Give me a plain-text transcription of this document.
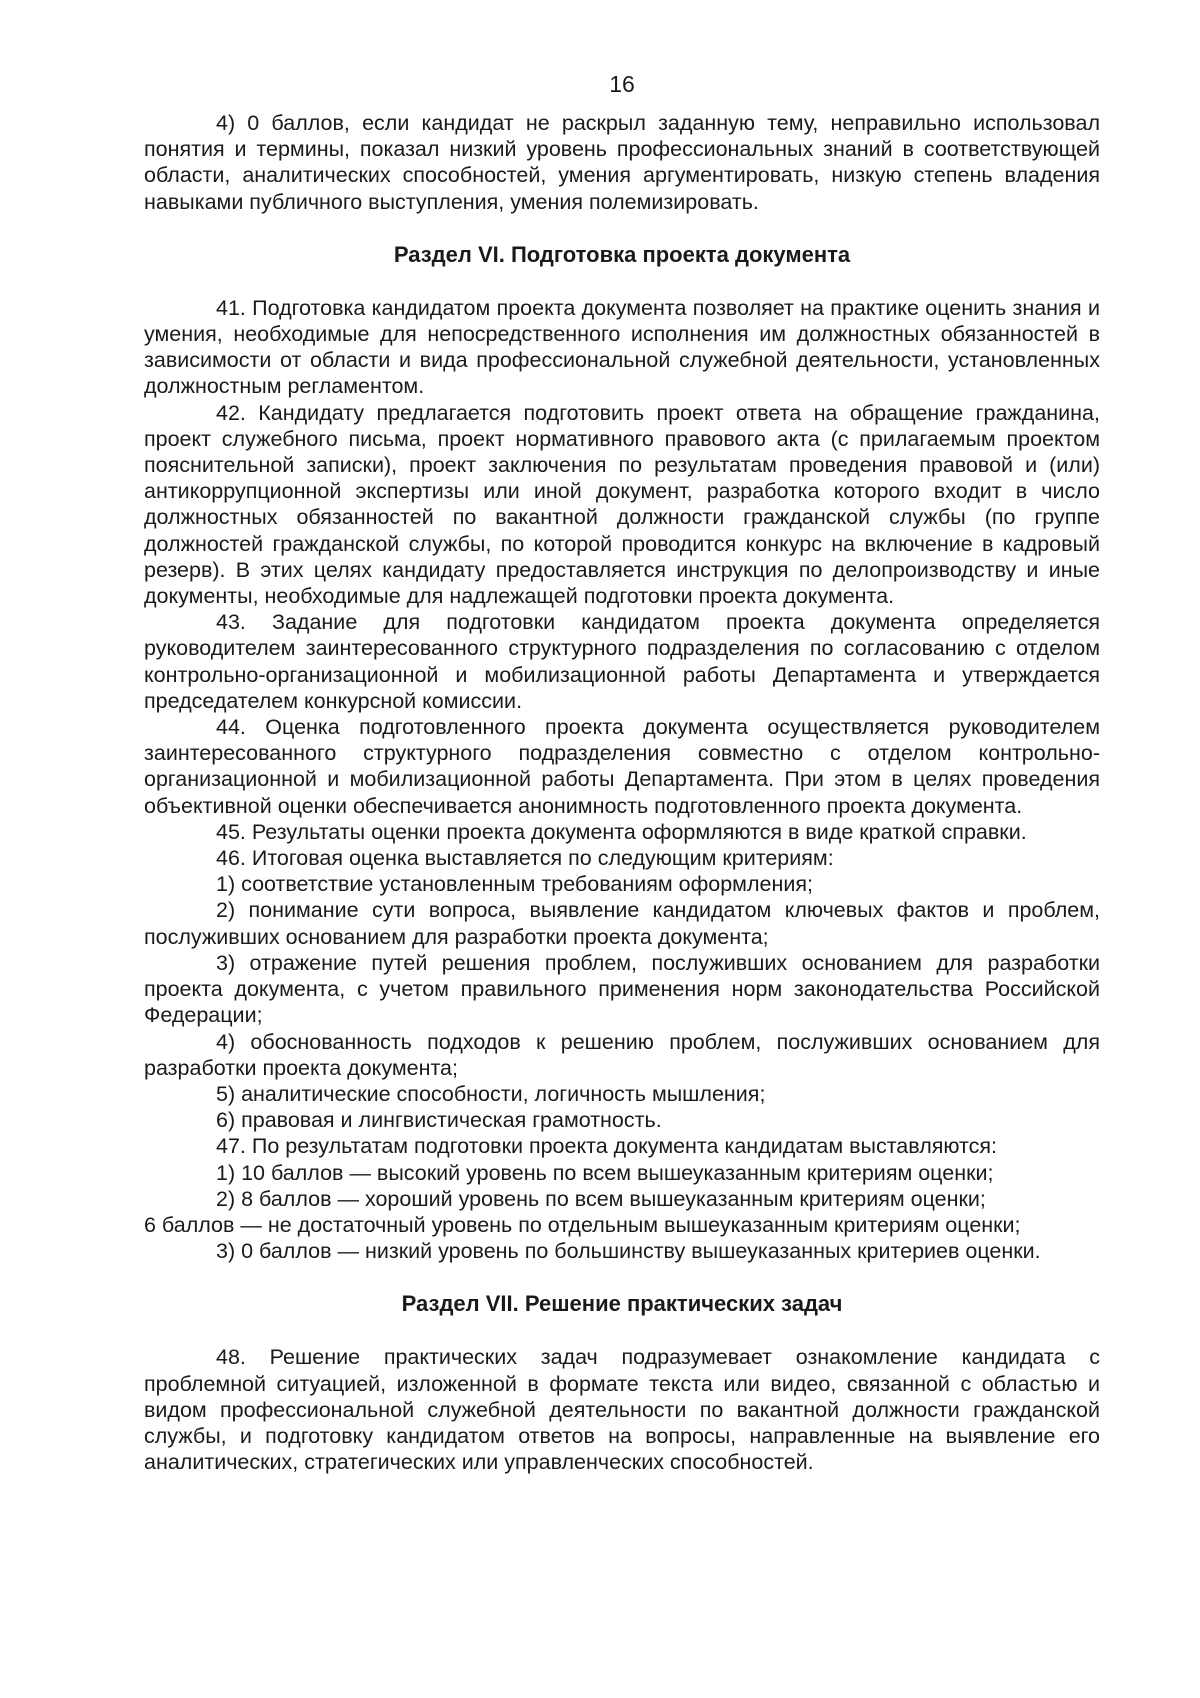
16

4) 0 баллов, если кандидат не раскрыл заданную тему, неправильно использовал понятия и термины, показал низкий уровень профессиональных знаний в соответствующей области, аналитических способностей, умения аргументировать, низкую степень владения навыками публичного выступления, умения полемизировать.

Раздел VI. Подготовка проекта документа

41. Подготовка кандидатом проекта документа позволяет на практике оценить знания и умения, необходимые для непосредственного исполнения им должностных обязанностей в зависимости от области и вида профессиональной служебной деятельности, установленных должностным регламентом.

42. Кандидату предлагается подготовить проект ответа на обращение гражданина, проект служебного письма, проект нормативного правового акта (с прилагаемым проектом пояснительной записки), проект заключения по результатам проведения правовой и (или) антикоррупционной экспертизы или иной документ, разработка которого входит в число должностных обязанностей по вакантной должности гражданской службы (по группе должностей гражданской службы, по которой проводится конкурс на включение в кадровый резерв). В этих целях кандидату предоставляется инструкция по делопроизводству и иные документы, необходимые для надлежащей подготовки проекта документа.

43. Задание для подготовки кандидатом проекта документа определяется руководителем заинтересованного структурного подразделения по согласованию с отделом контрольно-организационной и мобилизационной работы Департамента и утверждается председателем конкурсной комиссии.

44. Оценка подготовленного проекта документа осуществляется руководителем заинтересованного структурного подразделения совместно с отделом контрольно-организационной и мобилизационной работы Департамента. При этом в целях проведения объективной оценки обеспечивается анонимность подготовленного проекта документа.

45. Результаты оценки проекта документа оформляются в виде краткой справки.

46. Итоговая оценка выставляется по следующим критериям:

1) соответствие установленным требованиям оформления;

2) понимание сути вопроса, выявление кандидатом ключевых фактов и проблем, послуживших основанием для разработки проекта документа;

3) отражение путей решения проблем, послуживших основанием для разработки проекта документа, с учетом правильного применения норм законодательства Российской Федерации;

4) обоснованность подходов к решению проблем, послуживших основанием для разработки проекта документа;

5) аналитические способности, логичность мышления;

6) правовая и лингвистическая грамотность.

47. По результатам подготовки проекта документа кандидатам выставляются:

1) 10 баллов — высокий уровень по всем вышеуказанным критериям оценки;

2) 8 баллов — хороший уровень по всем вышеуказанным критериям оценки;

6 баллов — не достаточный уровень по отдельным вышеуказанным критериям оценки;

3) 0 баллов — низкий уровень по большинству вышеуказанных критериев оценки.

Раздел VII. Решение практических задач

48. Решение практических задач подразумевает ознакомление кандидата с проблемной ситуацией, изложенной в формате текста или видео, связанной с областью и видом профессиональной служебной деятельности по вакантной должности гражданской службы, и подготовку кандидатом ответов на вопросы, направленные на выявление его аналитических, стратегических или управленческих способностей.
